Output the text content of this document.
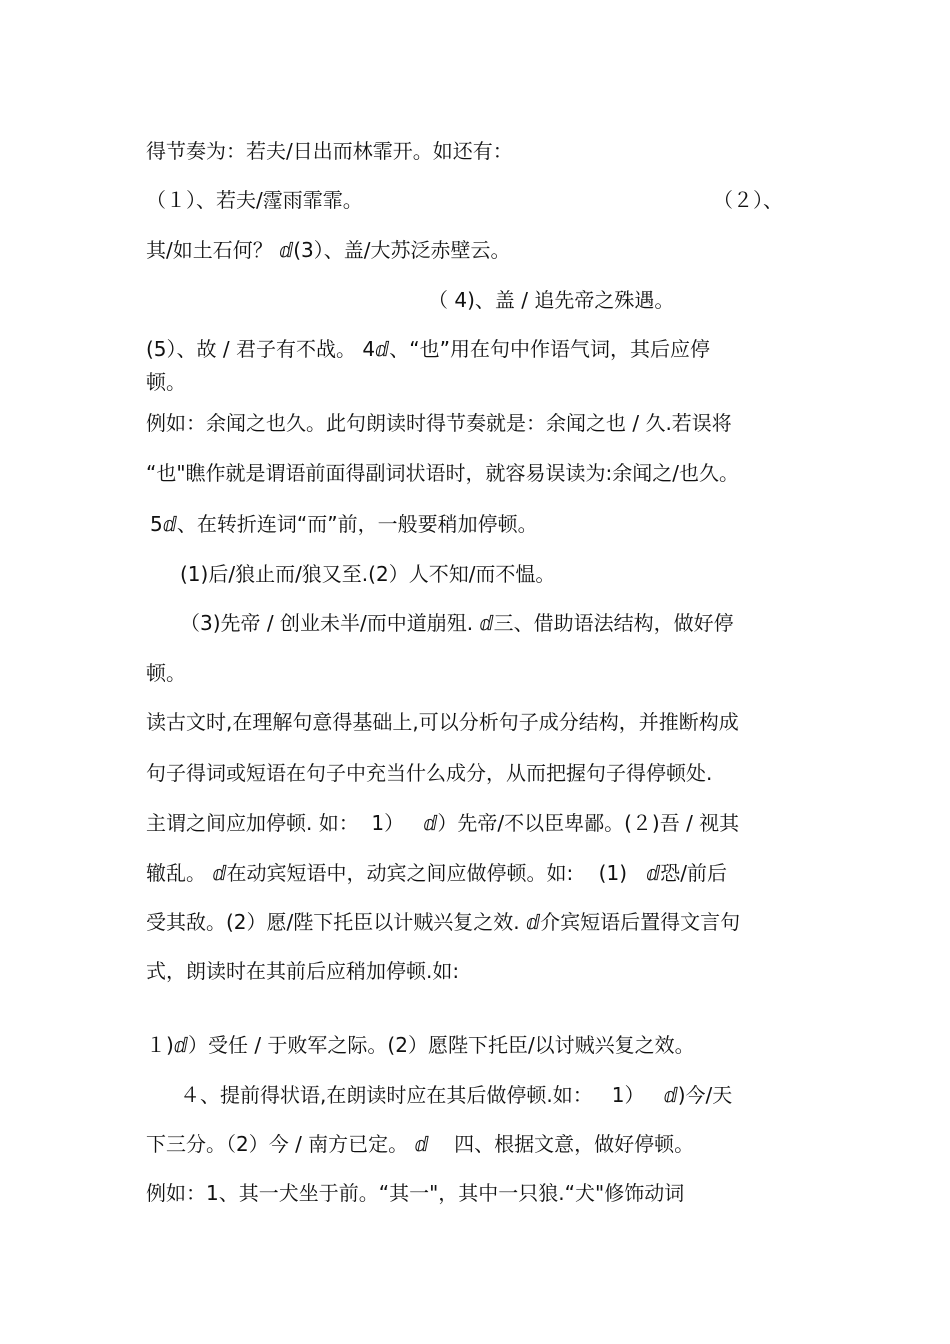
得节奏为：若夫/日出而林霏开。如还有：
（１）、若夫/霪雨霏霏。	（２）、
其/如土石何？ ⅆ(3）、盖/大苏泛赤壁云。
（ 4)、盖 / 追先帝之殊遇。
(5）、故 / 君子有不战。 4ⅆ、“也”用在句中作语气词，其后应停
顿。
例如：余闻之也久。此句朗读时得节奏就是：余闻之也 / 久.若误将
“也"瞧作就是谓语前面得副词状语时，就容易误读为:余闻之/也久。
5ⅆ、在转折连词“而”前，一般要稍加停顿。
(1)后/狼止而/狼又至.(2）人不知/而不愠。
（3)先帝 / 创业未半/而中道崩殂. ⅆ三、借助语法结构，做好停
顿。
读古文时,在理解句意得基础上,可以分析句子成分结构，并推断构成
句子得词或短语在句子中充当什么成分，从而把握句子得停顿处.
主谓之间应加停顿. 如：  1）   ⅆ）先帝/不以臣卑鄙。(２)吾 / 视其
辙乱。 ⅆ在动宾短语中，动宾之间应做停顿。如:    (1)   ⅆ恐/前后
受其敌。(2）愿/陛下托臣以计贼兴复之效. ⅆ介宾短语后置得文言句
式，朗读时在其前后应稍加停顿.如:
１)ⅆ）受任 / 于败军之际。(2）愿陛下托臣/以讨贼兴复之效。
４、提前得状语,在朗读时应在其后做停顿.如：   1）   ⅆ)今/天
下三分。（2）今 / 南方已定。 ⅆ    四、根据文意，做好停顿。
例如：1、其一犬坐于前。“其一"，其中一只狼.“犬"修饰动词
